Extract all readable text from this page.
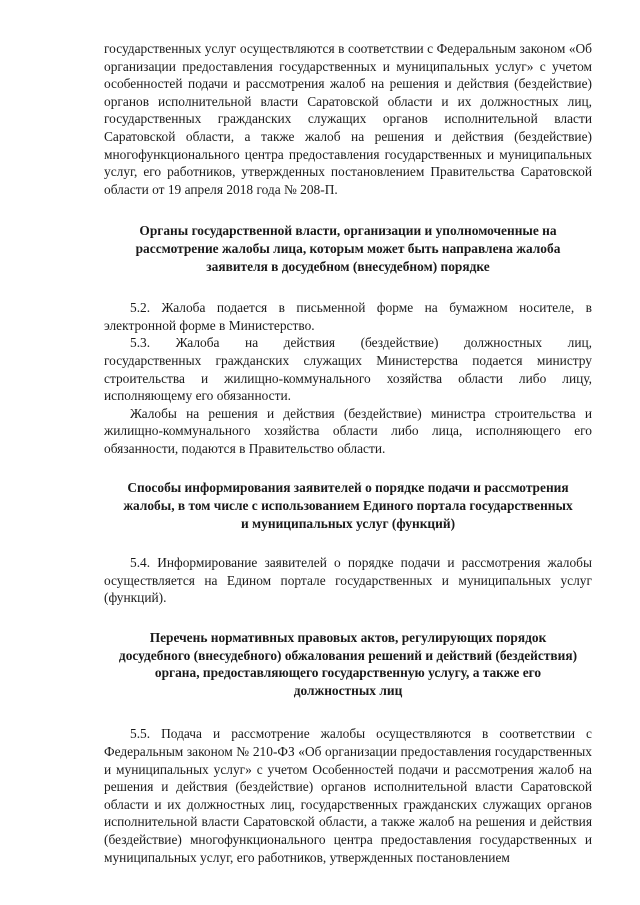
государственных услуг осуществляются в соответствии с Федеральным законом «Об организации предоставления государственных и муниципальных услуг» с учетом особенностей подачи и рассмотрения жалоб на решения и действия (бездействие) органов исполнительной власти Саратовской области и их должностных лиц, государственных гражданских служащих органов исполнительной власти Саратовской области, а также жалоб на решения и действия (бездействие) многофункционального центра предоставления государственных и муниципальных услуг, его работников, утвержденных постановлением Правительства Саратовской области от 19 апреля 2018 года № 208-П.

Органы государственной власти, организации и уполномоченные на рассмотрение жалобы лица, которым может быть направлена жалоба заявителя в досудебном (внесудебном) порядке

5.2. Жалоба подается в письменной форме на бумажном носителе, в электронной форме в Министерство.

5.3. Жалоба на действия (бездействие) должностных лиц,

государственных гражданских служащих Министерства подается министру строительства и жилищно-коммунального хозяйства области либо лицу, исполняющему его обязанности.

Жалобы на решения и действия (бездействие) министра строительства и жилищно-коммунального хозяйства области либо лица, исполняющего его обязанности, подаются в Правительство области.

Способы информирования заявителей о порядке подачи и рассмотрения жалобы, в том числе с использованием Единого портала государственных и муниципальных услуг (функций)

5.4. Информирование заявителей о порядке подачи и рассмотрения жалобы осуществляется на Едином портале государственных и муниципальных услуг (функций).

Перечень нормативных правовых актов, регулирующих порядок досудебного (внесудебного) обжалования решений и действий (бездействия) органа, предоставляющего государственную услугу, а также его должностных лиц

5.5. Подача и рассмотрение жалобы осуществляются в соответствии с Федеральным законом № 210-ФЗ «Об организации предоставления государственных и муниципальных услуг» с учетом Особенностей подачи и рассмотрения жалоб на решения и действия (бездействие) органов исполнительной власти Саратовской области и их должностных лиц, государственных гражданских служащих органов исполнительной власти Саратовской области, а также жалоб на решения и действия (бездействие) многофункционального центра предоставления государственных и муниципальных услуг, его работников, утвержденных постановлением
